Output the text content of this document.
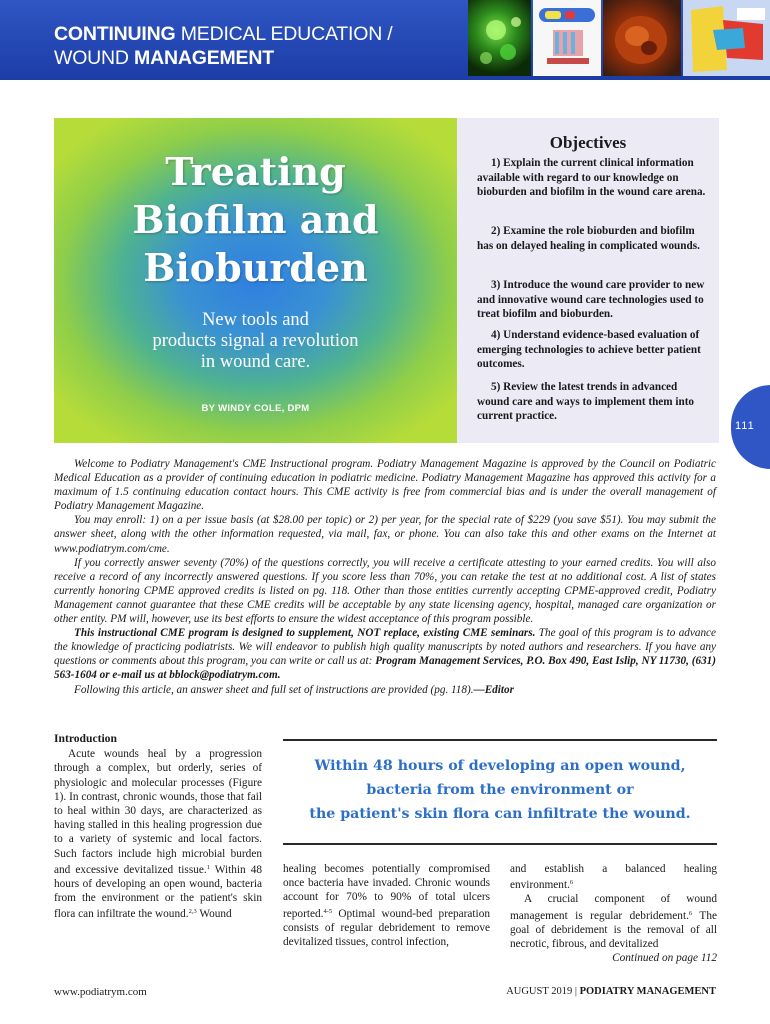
CONTINUING MEDICAL EDUCATION /
WOUND MANAGEMENT
Treating
Biofilm and
Bioburden
New tools and
products signal a revolution
in wound care.
BY WINDY COLE, DPM
Objectives
1) Explain the current clinical information available with regard to our knowledge on bioburden and biofilm in the wound care arena.
2) Examine the role bioburden and biofilm has on delayed healing in complicated wounds.
3) Introduce the wound care provider to new and innovative wound care technologies used to treat biofilm and bioburden.
4) Understand evidence-based evaluation of emerging technologies to achieve better patient outcomes.
5) Review the latest trends in advanced wound care and ways to implement them into current practice.
111

Welcome to Podiatry Management's CME Instructional program. Podiatry Management Magazine is approved by the Council on Podiatric Medical Education as a provider of continuing education in podiatric medicine. Podiatry Management Magazine has approved this activity for a maximum of 1.5 continuing education contact hours. This CME activity is free from commercial bias and is under the overall management of Podiatry Management Magazine.

You may enroll: 1) on a per issue basis (at $28.00 per topic) or 2) per year, for the special rate of $229 (you save $51). You may submit the answer sheet, along with the other information requested, via mail, fax, or phone. You can also take this and other exams on the Internet at www.podiatrym.com/cme.

If you correctly answer seventy (70%) of the questions correctly, you will receive a certificate attesting to your earned credits. You will also receive a record of any incorrectly answered questions. If you score less than 70%, you can retake the test at no additional cost. A list of states currently honoring CPME approved credits is listed on pg. 118. Other than those entities currently accepting CPME-approved credit, Podiatry Management cannot guarantee that these CME credits will be acceptable by any state licensing agency, hospital, managed care organization or other entity. PM will, however, use its best efforts to ensure the widest acceptance of this program possible.

This instructional CME program is designed to supplement, NOT replace, existing CME seminars. The goal of this program is to advance the knowledge of practicing podiatrists. We will endeavor to publish high quality manuscripts by noted authors and researchers. If you have any questions or comments about this program, you can write or call us at: Program Management Services, P.O. Box 490, East Islip, NY 11730, (631) 563-1604 or e-mail us at bblock@podiatrym.com.

Following this article, an answer sheet and full set of instructions are provided (pg. 118).—Editor

Introduction

Acute wounds heal by a progression through a complex, but orderly, series of physiologic and molecular processes (Figure 1). In contrast, chronic wounds, those that fail to heal within 30 days, are characterized as having stalled in this healing progression due to a variety of systemic and local factors. Such factors include high microbial burden and excessive devitalized tissue.$^1$ Within 48 hours of developing an open wound, bacteria from the environment or the patient's skin flora can infiltrate the wound.$^{2,3}$ Wound

Within 48 hours of developing an open wound,
bacteria from the environment or
the patient's skin flora can infiltrate the wound.

healing becomes potentially compromised once bacteria have invaded. Chronic wounds account for 70% to 90% of total ulcers reported.$^{4-5}$ Optimal wound-bed preparation consists of regular debridement to remove devitalized tissues, control infection,

and establish a balanced healing environment.$^6$

A crucial component of wound management is regular debridement.$^6$ The goal of debridement is the removal of all necrotic, fibrous, and devitalized

Continued on page 112

www.podiatrym.com	AUGUST 2019 | PODIATRY MANAGEMENT
